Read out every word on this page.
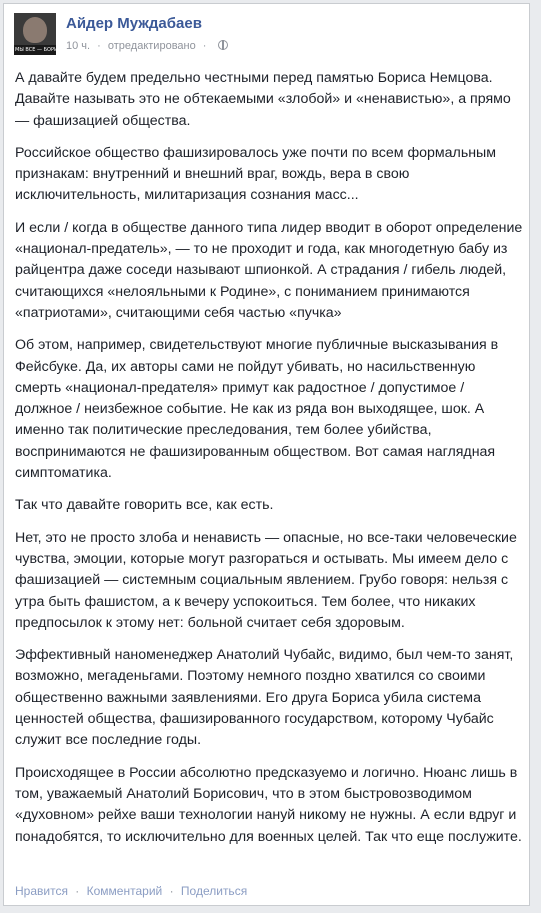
МЫ ВСЕ — БОРИС
Айдер Муждабаев
10 ч. · отредактировано ·

А давайте будем предельно честными перед памятью Бориса Немцова. Давайте называть это не обтекаемыми «злобой» и «ненавистью», а прямо — фашизацией общества.

Российское общество фашизировалось уже почти по всем формальным признакам: внутренний и внешний враг, вождь, вера в свою исключительность, милитаризация сознания масс...

И если / когда в обществе данного типа лидер вводит в оборот определение «национал-предатель», — то не проходит и года, как многодетную бабу из райцентра даже соседи называют шпионкой. А страдания / гибель людей, считающихся «нелояльными к Родине», с пониманием принимаются «патриотами», считающими себя частью «пучка»

Об этом, например, свидетельствуют многие публичные высказывания в Фейсбуке. Да, их авторы сами не пойдут убивать, но насильственную смерть «национал-предателя» примут как радостное / допустимое / должное / неизбежное событие. Не как из ряда вон выходящее, шок. А именно так политические преследования, тем более убийства, воспринимаются не фашизированным обществом. Вот самая наглядная симптоматика.

Так что давайте говорить все, как есть.

Нет, это не просто злоба и ненависть — опасные, но все-таки человеческие чувства, эмоции, которые могут разгораться и остывать. Мы имеем дело с фашизацией — системным социальным явлением. Грубо говоря: нельзя с утра быть фашистом, а к вечеру успокоиться. Тем более, что никаких предпосылок к этому нет: больной считает себя здоровым.

Эффективный наноменеджер Анатолий Чубайс, видимо, был чем-то занят, возможно, мегаденьгами. Поэтому немного поздно хватился со своими общественно важными заявлениями. Его друга Бориса убила система ценностей общества, фашизированного государством, которому Чубайс служит все последние годы.

Происходящее в России абсолютно предсказуемо и логично. Нюанс лишь в том, уважаемый Анатолий Борисович, что в этом быстровозводимом «духовном» рейхе ваши технологии нануй никому не нужны. А если вдруг и понадобятся, то исключительно для военных целей. Так что еще послужите.

Нравится · Комментарий · Поделиться
